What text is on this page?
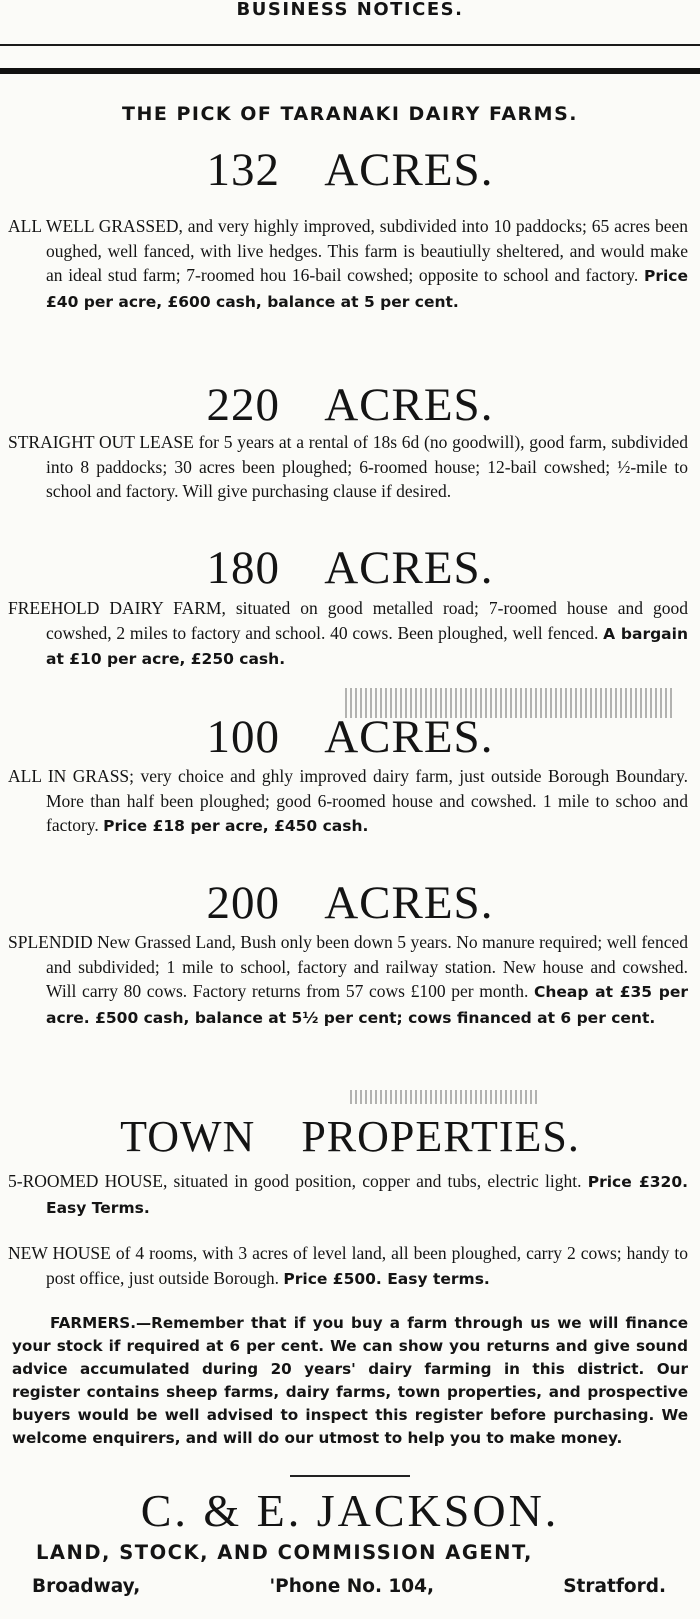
BUSINESS NOTICES.
THE PICK OF TARANAKI DAIRY FARMS.
132 ACRES.
ALL WELL GRASSED, and very highly improved, subdivided into 10 paddocks; 65 acres been oughed, well fanced, with live hedges. This farm is beautiully sheltered, and would make an ideal stud farm; 7-roomed hou 16-bail cowshed; opposite to school and factory. Price £40 per acre, £600 cash, balance at 5 per cent.
220 ACRES.
STRAIGHT OUT LEASE for 5 years at a rental of 18s 6d (no goodwill), good farm, subdivided into 8 paddocks; 30 acres been ploughed; 6-roomed house; 12-bail cowshed; ½-mile to school and factory. Will give purchasing clause if desired.
180 ACRES.
FREEHOLD DAIRY FARM, situated on good metalled road; 7-roomed house and good cowshed, 2 miles to factory and school. 40 cows. Been ploughed, well fenced. A bargain at £10 per acre, £250 cash.
100 ACRES.
ALL IN GRASS; very choice and ghly improved dairy farm, just outside Borough Boundary. More than half been ploughed; good 6-roomed house and cowshed. 1 mile to schoo and factory. Price £18 per acre, £450 cash.
200 ACRES.
SPLENDID New Grassed Land, Bush only been down 5 years. No manure required; well fenced and subdivided; 1 mile to school, factory and railway station. New house and cowshed. Will carry 80 cows. Factory returns from 57 cows £100 per month. Cheap at £35 per acre. £500 cash, balance at 5½ per cent; cows financed at 6 per cent.
TOWN PROPERTIES.
5-ROOMED HOUSE, situated in good position, copper and tubs, electric light. Price £320. Easy Terms.
NEW HOUSE of 4 rooms, with 3 acres of level land, all been ploughed, carry 2 cows; handy to post office, just outside Borough. Price £500. Easy terms.
FARMERS.—Remember that if you buy a farm through us we will finance your stock if required at 6 per cent. We can show you returns and give sound advice accumulated during 20 years' dairy farming in this district. Our register contains sheep farms, dairy farms, town properties, and prospective buyers would be well advised to inspect this register before purchasing. We welcome enquirers, and will do our utmost to help you to make money.
C. & E. JACKSON.
LAND, STOCK, AND COMMISSION AGENT,
Broadway,	'Phone No. 104,	Stratford.
